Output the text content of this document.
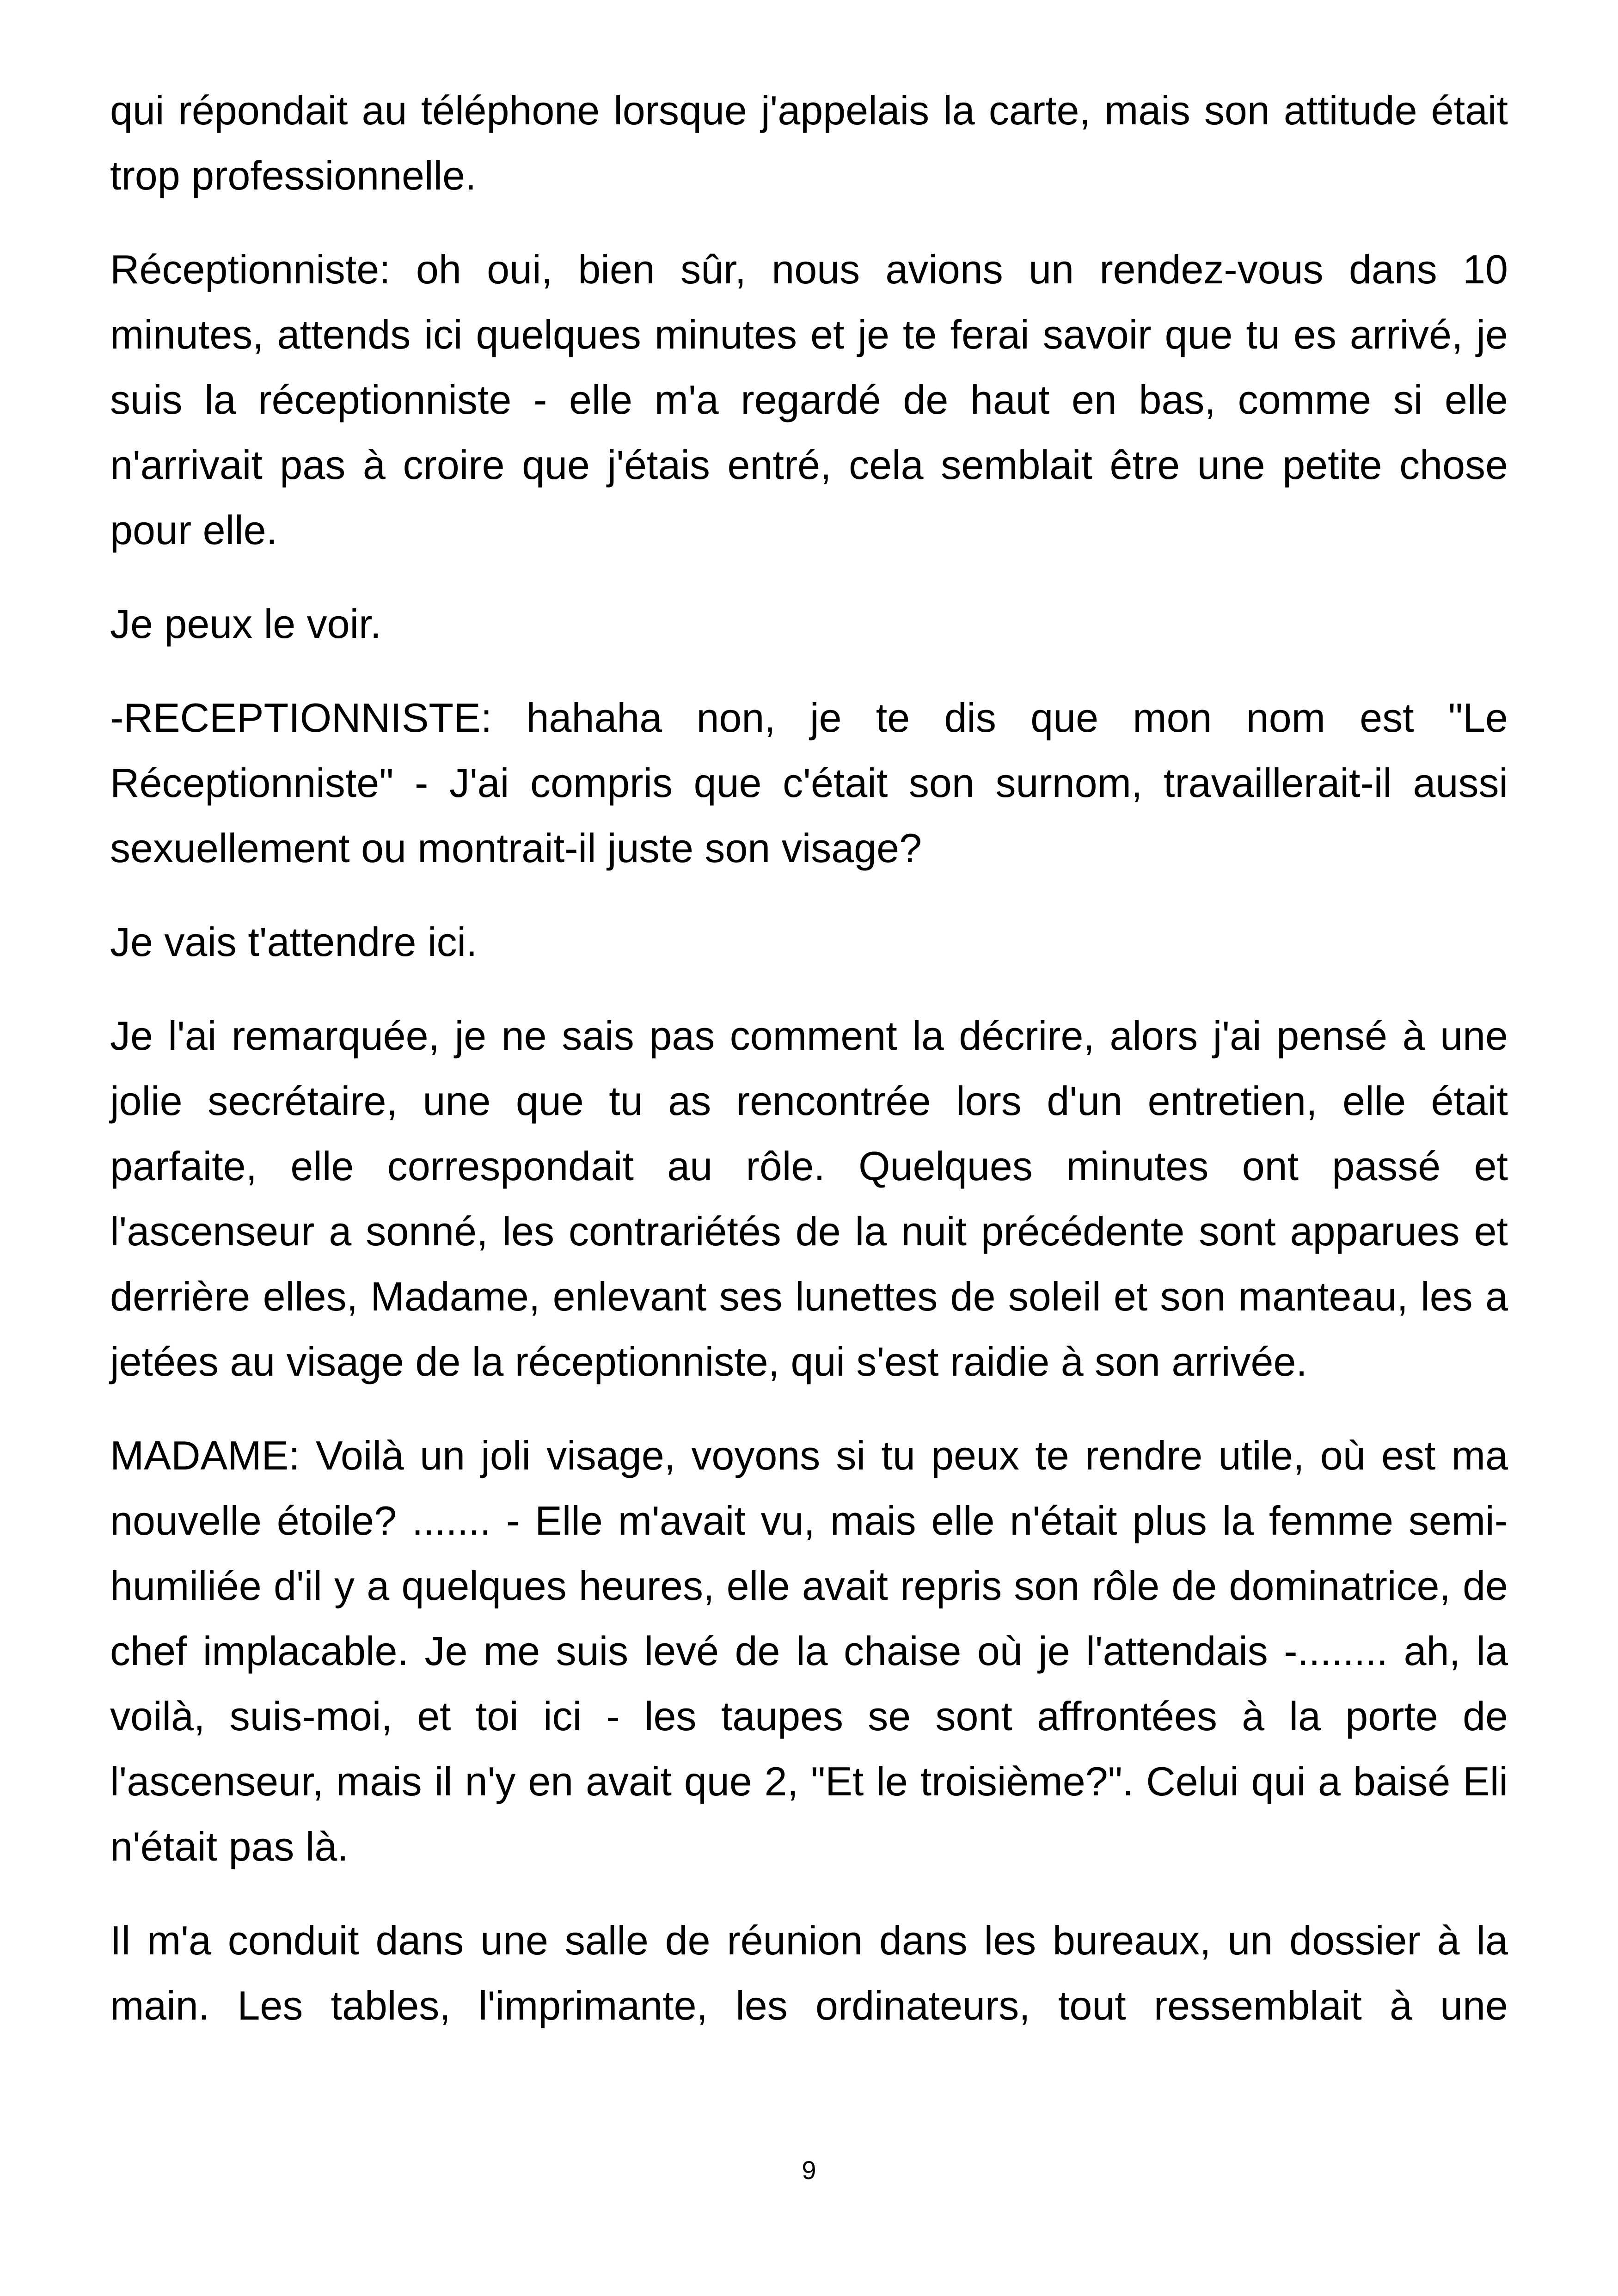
qui répondait au téléphone lorsque j'appelais la carte, mais son attitude était trop professionnelle.

Réceptionniste: oh oui, bien sûr, nous avions un rendez-vous dans 10 minutes, attends ici quelques minutes et je te ferai savoir que tu es arrivé, je suis la réceptionniste - elle m'a regardé de haut en bas, comme si elle n'arrivait pas à croire que j'étais entré, cela semblait être une petite chose pour elle.

Je peux le voir.

-RECEPTIONNISTE: hahaha non, je te dis que mon nom est "Le Réceptionniste" - J'ai compris que c'était son surnom, travaillerait-il aussi sexuellement ou montrait-il juste son visage?

Je vais t'attendre ici.

Je l'ai remarquée, je ne sais pas comment la décrire, alors j'ai pensé à une jolie secrétaire, une que tu as rencontrée lors d'un entretien, elle était parfaite, elle correspondait au rôle. Quelques minutes ont passé et l'ascenseur a sonné, les contrariétés de la nuit précédente sont apparues et derrière elles, Madame, enlevant ses lunettes de soleil et son manteau, les a jetées au visage de la réceptionniste, qui s'est raidie à son arrivée.

MADAME: Voilà un joli visage, voyons si tu peux te rendre utile, où est ma nouvelle étoile? ....... - Elle m'avait vu, mais elle n'était plus la femme semi-humiliée d'il y a quelques heures, elle avait repris son rôle de dominatrice, de chef implacable. Je me suis levé de la chaise où je l'attendais -........ ah, la voilà, suis-moi, et toi ici - les taupes se sont affrontées à la porte de l'ascenseur, mais il n'y en avait que 2, "Et le troisième?". Celui qui a baisé Eli n'était pas là.

Il m'a conduit dans une salle de réunion dans les bureaux, un dossier à la main. Les tables, l'imprimante, les ordinateurs, tout ressemblait à une

9
